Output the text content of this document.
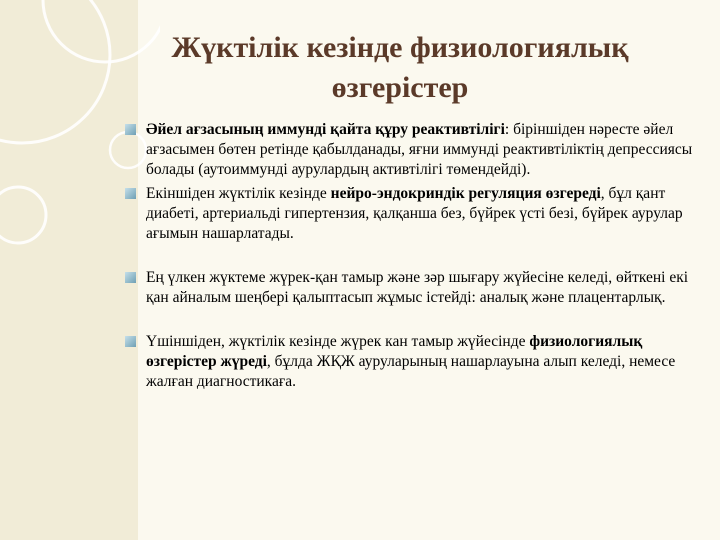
Жүктілік кезінде физиологиялық
өзгерістер
Әйел ағзасының иммунді қайта құру реактивтілігі: біріншіден нәресте әйел ағзасымен бөтен ретінде қабылданады, яғни иммунді реактивтіліктің депрессиясы болады (аутоиммунді аурулардың активтілігі төмендейді).
Екіншіден жүктілік кезінде нейро-эндокриндік регуляция өзгереді, бұл қант диабеті, артериальді гипертензия, қалқанша без, бүйрек үсті безі, бүйрек аурулар ағымын нашарлатады.
Ең үлкен жүктеме жүрек-қан тамыр жәнe зәр шығару жүйесіне келеді, өйткені екі қан айналым шеңбері қалыптасып жұмыс істейді: аналық және плацентарлық.
Үшіншіден, жүктілік кезінде жүрек кан тамыр жүйесінде физиологиялық өзгерістер жүреді, бұлда ЖҚЖ ауруларының нашарлауына алып келеді, немесе жалған диагностикаға.
